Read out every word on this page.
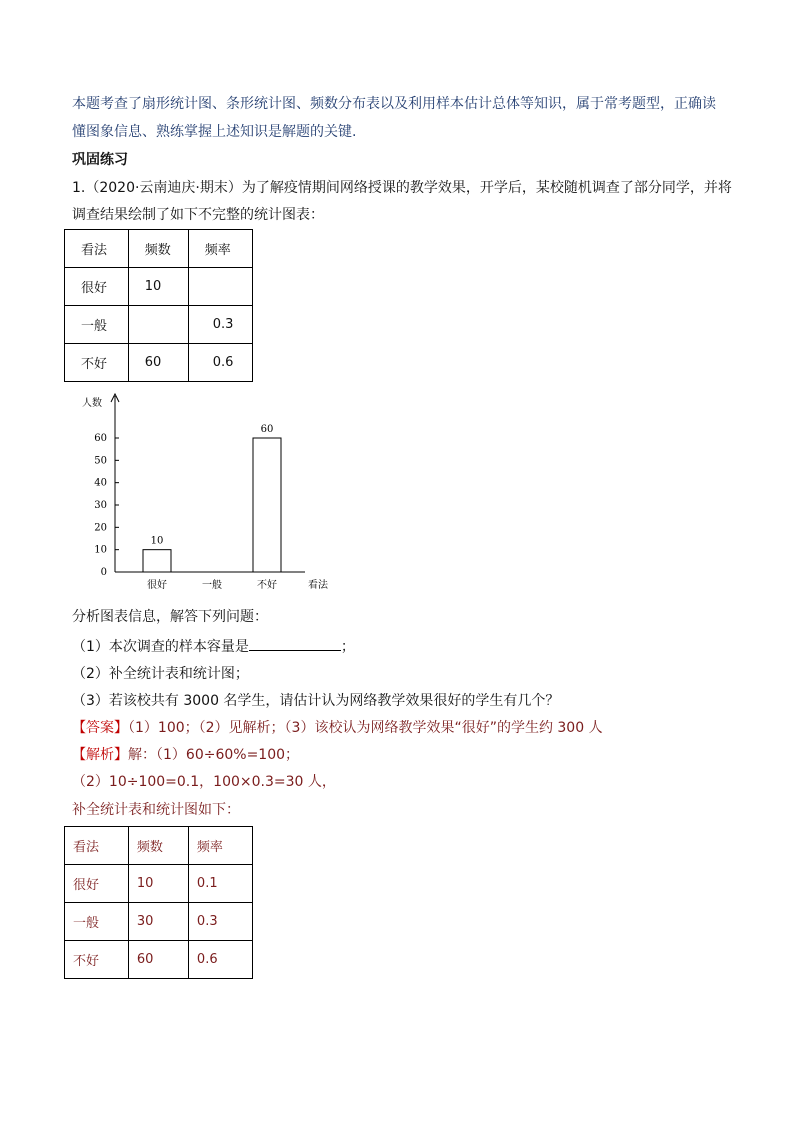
本题考查了扇形统计图、条形统计图、频数分布表以及利用样本估计总体等知识，属于常考题型，正确读
懂图象信息、熟练掌握上述知识是解题的关键.
巩固练习
1.（2020·云南迪庆·期末）为了解疫情期间网络授课的教学效果，开学后，某校随机调查了部分同学，并将
调查结果绘制了如下不完整的统计图表：
看法	频数	频率
很好	10	
一般		0.3
不好	60	0.6
人数
看法
0
10
20
30
40
50
60
10
很好	一般
60
不好
分析图表信息，解答下列问题：
（1）本次调查的样本容量是	；
（2）补全统计表和统计图；
（3）若该校共有 3000 名学生，请估计认为网络教学效果很好的学生有几个？
【答案】（1）100；（2）见解析；（3）该校认为网络教学效果“很好”的学生约 300 人
【解析】解：（1）60÷60%=100；
（2）10÷100=0.1，100×0.3=30 人，
补全统计表和统计图如下：
看法	频数	频率
很好	10	0.1
一般	30	0.3
不好	60	0.6
